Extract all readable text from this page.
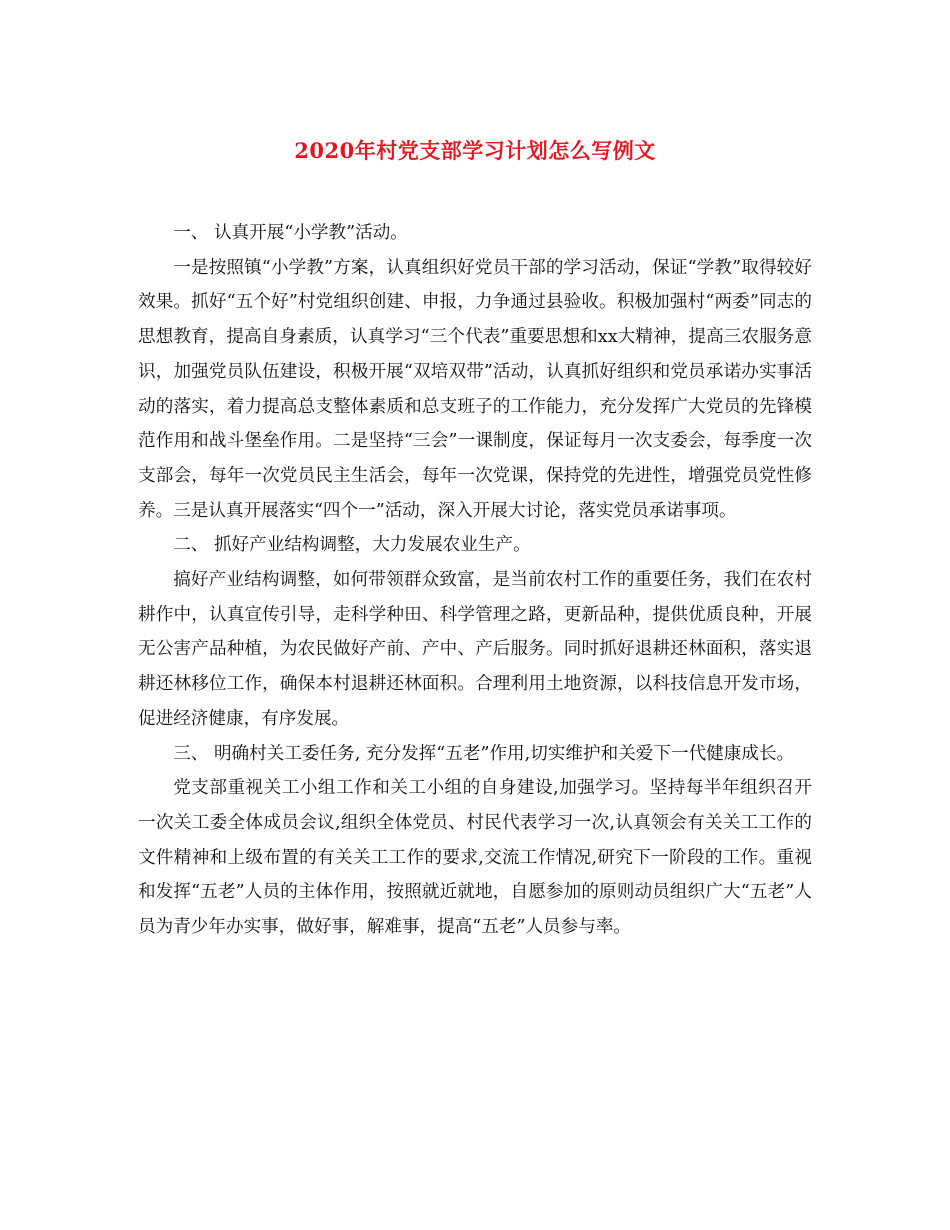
2020年村党支部学习计划怎么写例文

一、 认真开展“小学教”活动。

一是按照镇“小学教”方案，认真组织好党员干部的学习活动，保证“学教”取得较好效果。抓好“五个好”村党组织创建、申报，力争通过县验收。积极加强村“两委”同志的思想教育，提高自身素质，认真学习“三个代表”重要思想和xx大精神，提高三农服务意识，加强党员队伍建设，积极开展“双培双带”活动，认真抓好组织和党员承诺办实事活动的落实，着力提高总支整体素质和总支班子的工作能力，充分发挥广大党员的先锋模范作用和战斗堡垒作用。二是坚持“三会”一课制度，保证每月一次支委会，每季度一次支部会，每年一次党员民主生活会，每年一次党课，保持党的先进性，增强党员党性修养。三是认真开展落实“四个一”活动，深入开展大讨论，落实党员承诺事项。

二、 抓好产业结构调整，大力发展农业生产。

搞好产业结构调整，如何带领群众致富，是当前农村工作的重要任务，我们在农村耕作中，认真宣传引导，走科学种田、科学管理之路，更新品种，提供优质良种，开展无公害产品种植，为农民做好产前、产中、产后服务。同时抓好退耕还林面积，落实退耕还林移位工作，确保本村退耕还林面积。合理利用土地资源，以科技信息开发市场，促进经济健康，有序发展。

三、 明确村关工委任务, 充分发挥“五老”作用,切实维护和关爱下一代健康成长。

党支部重视关工小组工作和关工小组的自身建设,加强学习。坚持每半年组织召开一次关工委全体成员会议,组织全体党员、村民代表学习一次,认真领会有关关工工作的文件精神和上级布置的有关关工工作的要求,交流工作情况,研究下一阶段的工作。重视和发挥“五老”人员的主体作用，按照就近就地，自愿参加的原则动员组织广大“五老”人员为青少年办实事，做好事，解难事，提高“五老”人员参与率。
